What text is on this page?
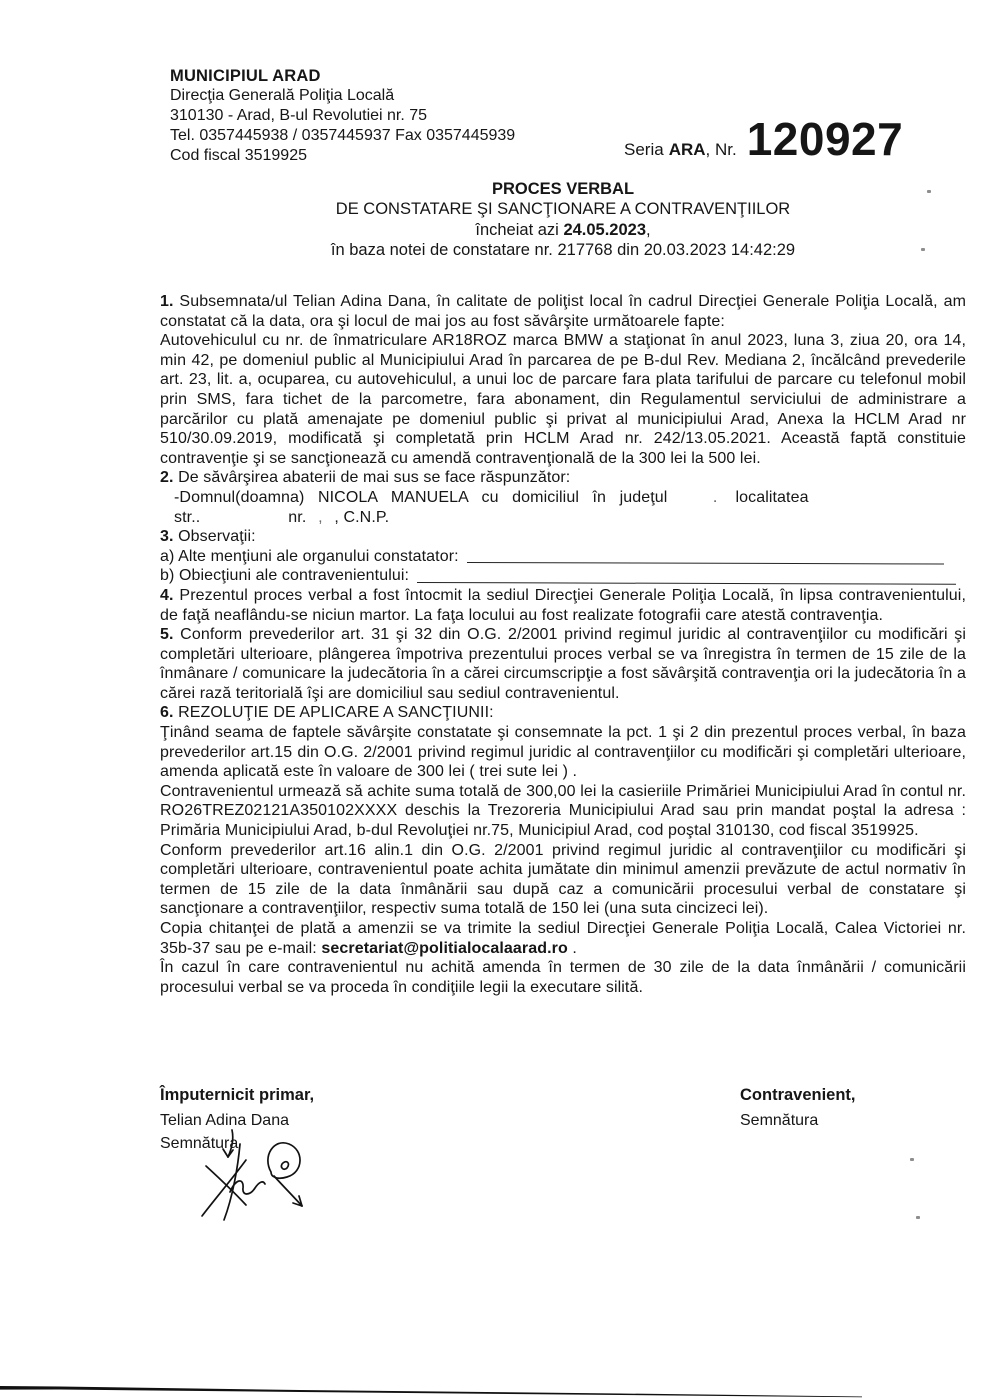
MUNICIPIUL ARAD
Direcţia Generală Poliţia Locală
310130 - Arad, B-ul Revolutiei nr. 75
Tel. 0357445938 / 0357445937 Fax 0357445939
Cod fiscal 3519925	Seria ARA , Nr. 120927
PROCES VERBAL
DE CONSTATARE ŞI SANCŢIONARE A CONTRAVENŢIILOR
încheiat azi 24.05.2023,
în baza notei de constatare nr. 217768 din 20.03.2023 14:42:29

1. Subsemnata/ul Telian Adina Dana, în calitate de poliţist local în cadrul Direcţiei Generale Poliţia Locală, am constatat că la data, ora şi locul de mai jos au fost săvârşite următoarele fapte:

Autovehiculul cu nr. de înmatriculare AR18ROZ marca BMW a staţionat în anul 2023, luna 3, ziua 20, ora 14, min 42, pe domeniul public al Municipiului Arad în parcarea de pe B-dul Rev. Mediana 2, încălcând prevederile art. 23, lit. a, ocuparea, cu autovehiculul, a unui loc de parcare fara plata tarifului de parcare cu telefonul mobil prin SMS, fara tichet de la parcometre, fara abonament, din Regulamentul serviciului de administrare a parcărilor cu plată amenajate pe domeniul public şi privat al municipiului Arad, Anexa la HCLM Arad nr 510/30.09.2019, modificată şi completată prin HCLM Arad nr. 242/13.05.2021. Această faptă constituie contravenţie şi se sancţionează cu amendă contravenţională de la 300 lei la 500 lei.

2. De săvârşirea abaterii de mai sus se face răspunzător:

-Domnul(doamna) NICOLA MANUELA cu domiciliul în judeţul	. localitatea

str..	nr. , , C.N.P.

3. Observaţii:

a) Alte menţiuni ale organului constatator:

b) Obiecţiuni ale contravenientului:

4. Prezentul proces verbal a fost întocmit la sediul Direcţiei Generale Poliţia Locală, în lipsa contravenientului, de faţă neaflându-se niciun martor. La faţa locului au fost realizate fotografii care atestă contravenţia.

5. Conform prevederilor art. 31 şi 32 din O.G. 2/2001 privind regimul juridic al contravenţiilor cu modificări şi completări ulterioare, plângerea împotriva prezentului proces verbal se va înregistra în termen de 15 zile de la înmânare / comunicare la judecătoria în a cărei circumscripţie a fost săvârşită contravenţia ori la judecătoria în a cărei rază teritorială îşi are domiciliul sau sediul contravenientul.

6. REZOLUŢIE DE APLICARE A SANCŢIUNII:

Ţinând seama de faptele săvârşite constatate şi consemnate la pct. 1 şi 2 din prezentul proces verbal, în baza prevederilor art.15 din O.G. 2/2001 privind regimul juridic al contravenţiilor cu modificări şi completări ulterioare, amenda aplicată este în valoare de 300 lei ( trei sute lei ) .

Contravenientul urmează să achite suma totală de 300,00 lei la casieriile Primăriei Municipiului Arad în contul nr. RO26TREZ02121A350102XXXX deschis la Trezoreria Municipiului Arad sau prin mandat poştal la adresa : Primăria Municipiului Arad, b-dul Revoluţiei nr.75, Municipiul Arad, cod poştal 310130, cod fiscal 3519925.

Conform prevederilor art.16 alin.1 din O.G. 2/2001 privind regimul juridic al contravenţiilor cu modificări şi completări ulterioare, contravenientul poate achita jumătate din minimul amenzii prevăzute de actul normativ în termen de 15 zile de la data înmânării sau după caz a comunicării procesului verbal de constatare şi sancţionare a contravenţiilor, respectiv suma totală de 150 lei (una suta cincizeci lei).

Copia chitanţei de plată a amenzii se va trimite la sediul Direcţiei Generale Poliţia Locală, Calea Victoriei nr. 35b-37 sau pe e-mail: secretariat@politialocalaarad.ro .

În cazul în care contravenientul nu achită amenda în termen de 30 zile de la data înmânării / comunicării procesului verbal se va proceda în condiţiile legii la executare silită.

Împuternicit primar,
Telian Adina Dana
Semnătura
Contravenient,
Semnătura
